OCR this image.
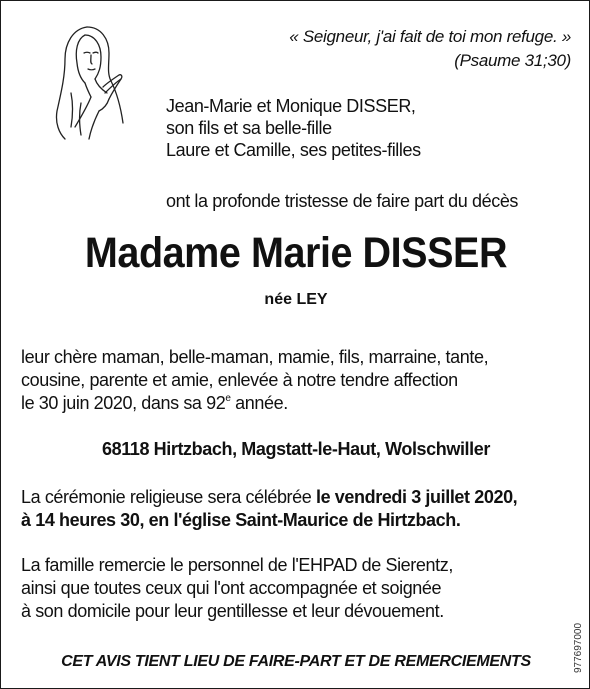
« Seigneur, j'ai fait de toi mon refuge. »
(Psaume 31;30)
Jean-Marie et Monique DISSER,
son fils et sa belle-fille
Laure et Camille, ses petites-filles
ont la profonde tristesse de faire part du décès
Madame Marie DISSER
née LEY
leur chère maman, belle-maman, mamie, fils, marraine, tante,
cousine, parente et amie, enlevée à notre tendre affection
le 30 juin 2020, dans sa 92e année.
68118 Hirtzbach, Magstatt-le-Haut, Wolschwiller
La cérémonie religieuse sera célébrée le vendredi 3 juillet 2020,
à 14 heures 30, en l'église Saint-Maurice de Hirtzbach.
La famille remercie le personnel de l'EHPAD de Sierentz,
ainsi que toutes ceux qui l'ont accompagnée et soignée
à son domicile pour leur gentillesse et leur dévouement.
CET AVIS TIENT LIEU DE FAIRE-PART ET DE REMERCIEMENTS	977697000
